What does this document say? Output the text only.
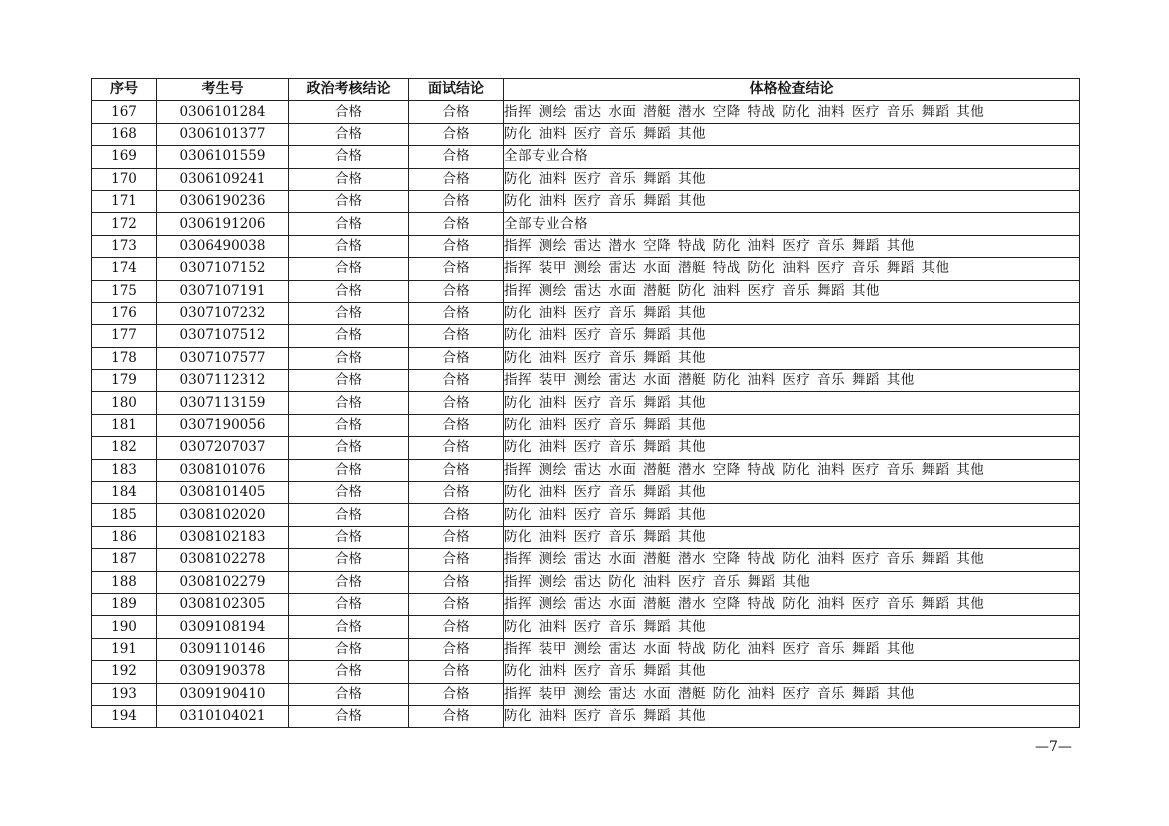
序号	考生号	政治考核结论	面试结论	体格检查结论
167	0306101284	合格	合格	指挥 测绘 雷达 水面 潜艇 潜水 空降 特战 防化 油料 医疗 音乐 舞蹈 其他
168	0306101377	合格	合格	防化 油料 医疗 音乐 舞蹈 其他
169	0306101559	合格	合格	全部专业合格
170	0306109241	合格	合格	防化 油料 医疗 音乐 舞蹈 其他
171	0306190236	合格	合格	防化 油料 医疗 音乐 舞蹈 其他
172	0306191206	合格	合格	全部专业合格
173	0306490038	合格	合格	指挥 测绘 雷达 潜水 空降 特战 防化 油料 医疗 音乐 舞蹈 其他
174	0307107152	合格	合格	指挥 装甲 测绘 雷达 水面 潜艇 特战 防化 油料 医疗 音乐 舞蹈 其他
175	0307107191	合格	合格	指挥 测绘 雷达 水面 潜艇 防化 油料 医疗 音乐 舞蹈 其他
176	0307107232	合格	合格	防化 油料 医疗 音乐 舞蹈 其他
177	0307107512	合格	合格	防化 油料 医疗 音乐 舞蹈 其他
178	0307107577	合格	合格	防化 油料 医疗 音乐 舞蹈 其他
179	0307112312	合格	合格	指挥 装甲 测绘 雷达 水面 潜艇 防化 油料 医疗 音乐 舞蹈 其他
180	0307113159	合格	合格	防化 油料 医疗 音乐 舞蹈 其他
181	0307190056	合格	合格	防化 油料 医疗 音乐 舞蹈 其他
182	0307207037	合格	合格	防化 油料 医疗 音乐 舞蹈 其他
183	0308101076	合格	合格	指挥 测绘 雷达 水面 潜艇 潜水 空降 特战 防化 油料 医疗 音乐 舞蹈 其他
184	0308101405	合格	合格	防化 油料 医疗 音乐 舞蹈 其他
185	0308102020	合格	合格	防化 油料 医疗 音乐 舞蹈 其他
186	0308102183	合格	合格	防化 油料 医疗 音乐 舞蹈 其他
187	0308102278	合格	合格	指挥 测绘 雷达 水面 潜艇 潜水 空降 特战 防化 油料 医疗 音乐 舞蹈 其他
188	0308102279	合格	合格	指挥 测绘 雷达 防化 油料 医疗 音乐 舞蹈 其他
189	0308102305	合格	合格	指挥 测绘 雷达 水面 潜艇 潜水 空降 特战 防化 油料 医疗 音乐 舞蹈 其他
190	0309108194	合格	合格	防化 油料 医疗 音乐 舞蹈 其他
191	0309110146	合格	合格	指挥 装甲 测绘 雷达 水面 特战 防化 油料 医疗 音乐 舞蹈 其他
192	0309190378	合格	合格	防化 油料 医疗 音乐 舞蹈 其他
193	0309190410	合格	合格	指挥 装甲 测绘 雷达 水面 潜艇 防化 油料 医疗 音乐 舞蹈 其他
194	0310104021	合格	合格	防化 油料 医疗 音乐 舞蹈 其他
—7—
